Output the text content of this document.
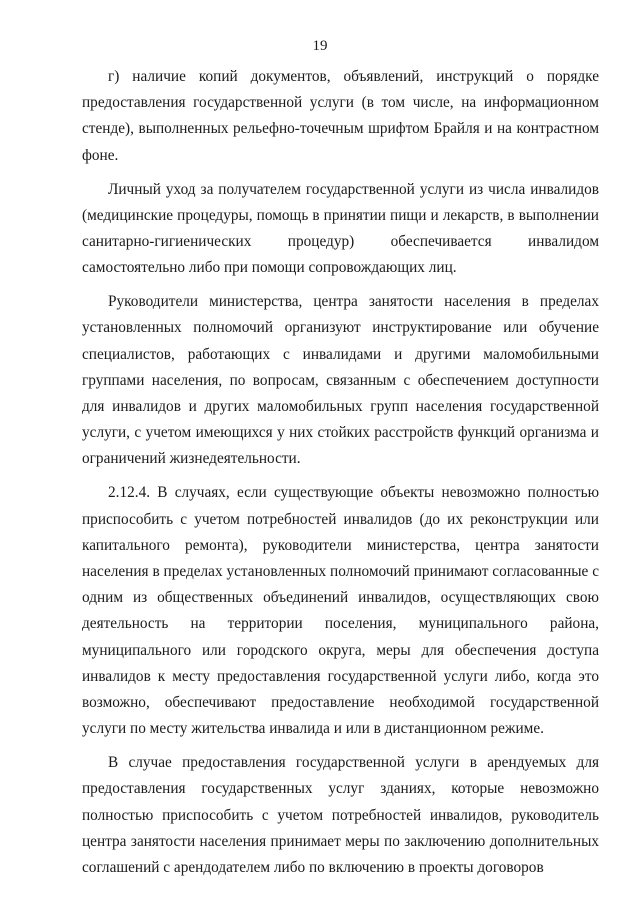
19

г) наличие копий документов, объявлений, инструкций о порядке предоставления государственной услуги (в том числе, на информационном стенде), выполненных рельефно-точечным шрифтом Брайля и на контрастном фоне.

Личный уход за получателем государственной услуги из числа инвалидов (медицинские процедуры, помощь в принятии пищи и лекарств, в выполнении санитарно-гигиенических процедур) обеспечивается инвалидом самостоятельно либо при помощи сопровождающих лиц.

Руководители министерства, центра занятости населения в пределах установленных полномочий организуют инструктирование или обучение специалистов, работающих с инвалидами и другими маломобильными группами населения, по вопросам, связанным с обеспечением доступности для инвалидов и других маломобильных групп населения государственной услуги, с учетом имеющихся у них стойких расстройств функций организма и ограничений жизнедеятельности.

2.12.4. В случаях, если существующие объекты невозможно полностью приспособить с учетом потребностей инвалидов (до их реконструкции или капитального ремонта), руководители министерства, центра занятости населения в пределах установленных полномочий принимают согласованные с одним из общественных объединений инвалидов, осуществляющих свою деятельность на территории поселения, муниципального района, муниципального или городского округа, меры для обеспечения доступа инвалидов к месту предоставления государственной услуги либо, когда это возможно, обеспечивают предоставление необходимой государственной услуги по месту жительства инвалида и или в дистанционном режиме.

В случае предоставления государственной услуги в арендуемых для предоставления государственных услуг зданиях, которые невозможно полностью приспособить с учетом потребностей инвалидов, руководитель центра занятости населения принимает меры по заключению дополнительных соглашений с арендодателем либо по включению в проекты договоров
